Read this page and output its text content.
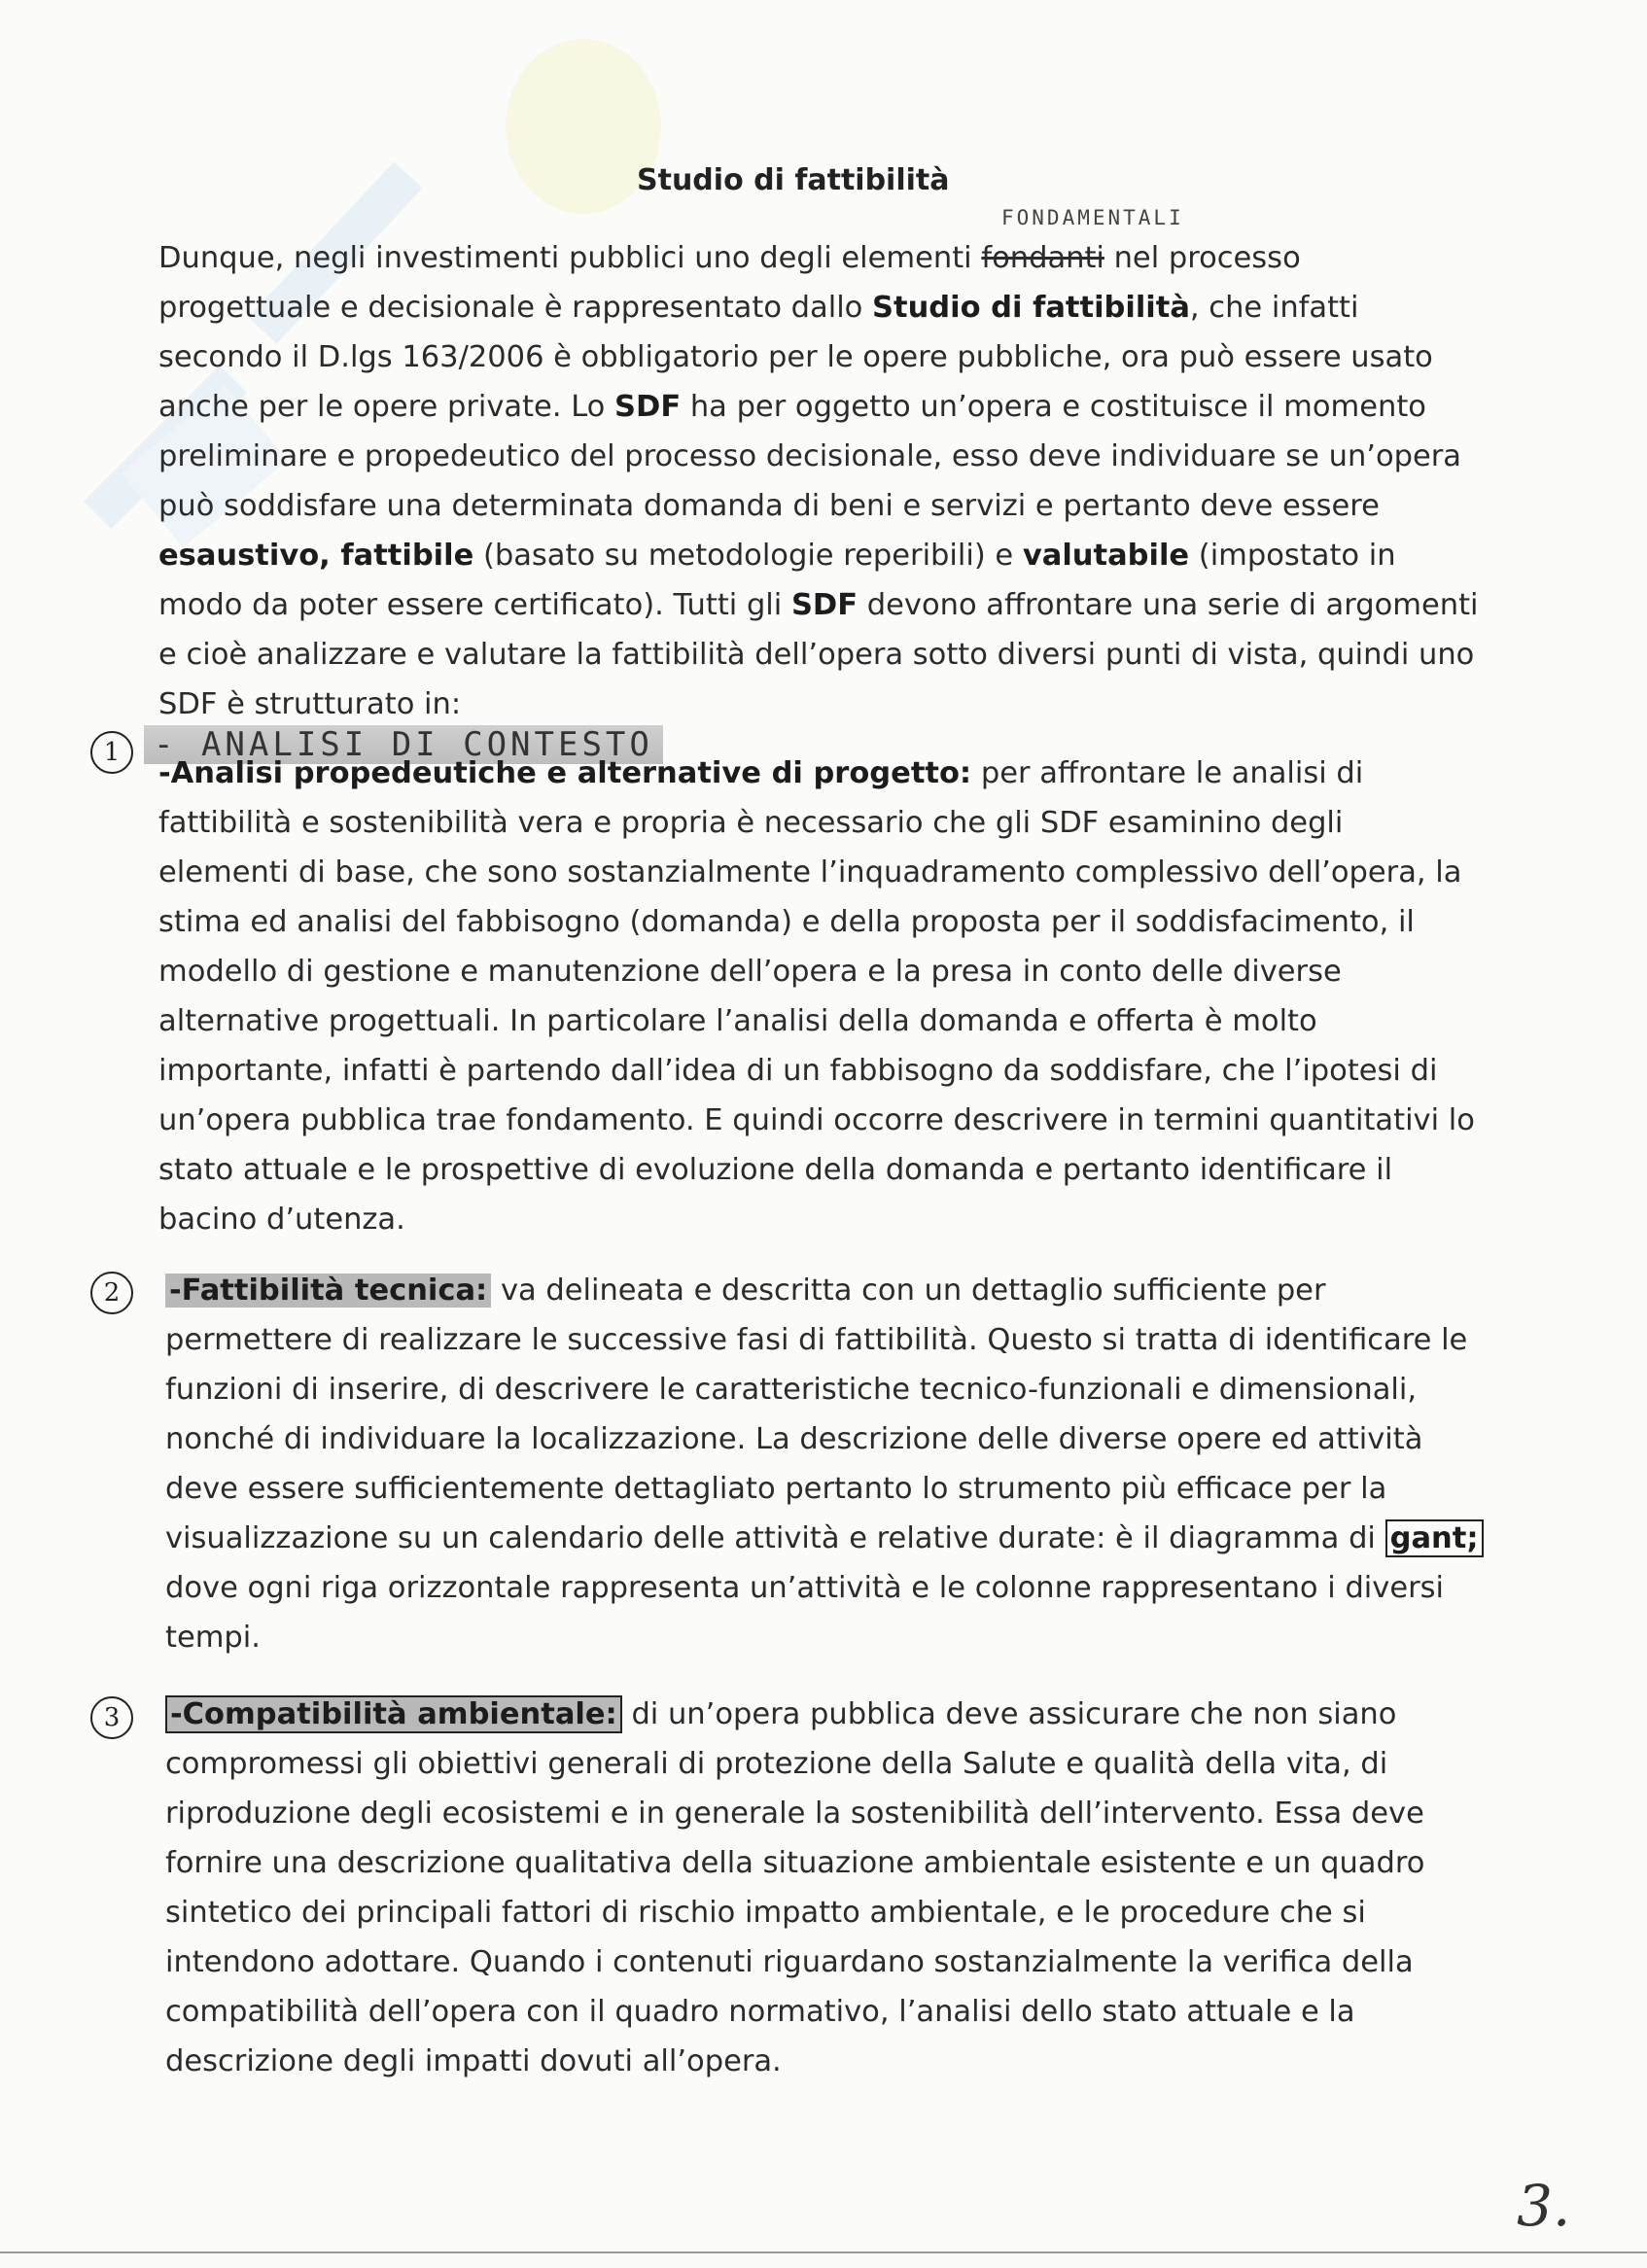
Studio di fattibilità
FONDAMENTALI
Dunque, negli investimenti pubblici uno degli elementi fondanti nel processo progettuale e decisionale è rappresentato dallo Studio di fattibilità, che infatti secondo il D.lgs 163/2006 è obbligatorio per le opere pubbliche, ora può essere usato anche per le opere private. Lo SDF ha per oggetto un’opera e costituisce il momento preliminare e propedeutico del processo decisionale, esso deve individuare se un’opera può soddisfare una determinata domanda di beni e servizi e pertanto deve essere esaustivo, fattibile (basato su metodologie reperibili) e valutabile (impostato in modo da poter essere certificato). Tutti gli SDF devono affrontare una serie di argomenti e cioè analizzare e valutare la fattibilità dell’opera sotto diversi punti di vista, quindi uno SDF è strutturato in:
1	- ANALISI DI CONTESTO
-Analisi propedeutiche e alternative di progetto: per affrontare le analisi di fattibilità e sostenibilità vera e propria è necessario che gli SDF esaminino degli elementi di base, che sono sostanzialmente l’inquadramento complessivo dell’opera, la stima ed analisi del fabbisogno (domanda) e della proposta per il soddisfacimento, il modello di gestione e manutenzione dell’opera e la presa in conto delle diverse alternative progettuali. In particolare l’analisi della domanda e offerta è molto importante, infatti è partendo dall’idea di un fabbisogno da soddisfare, che l’ipotesi di un’opera pubblica trae fondamento. E quindi occorre descrivere in termini quantitativi lo stato attuale e le prospettive di evoluzione della domanda e pertanto identificare il bacino d’utenza.
2	-Fattibilità tecnica: va delineata e descritta con un dettaglio sufficiente per permettere di realizzare le successive fasi di fattibilità. Questo si tratta di identificare le funzioni di inserire, di descrivere le caratteristiche tecnico-funzionali e dimensionali, nonché di individuare la localizzazione. La descrizione delle diverse opere ed attività deve essere sufficientemente dettagliato pertanto lo strumento più efficace per la visualizzazione su un calendario delle attività e relative durate: è il diagramma di gant; dove ogni riga orizzontale rappresenta un’attività e le colonne rappresentano i diversi tempi.
3	-Compatibilità ambientale: di un’opera pubblica deve assicurare che non siano compromessi gli obiettivi generali di protezione della Salute e qualità della vita, di riproduzione degli ecosistemi e in generale la sostenibilità dell’intervento. Essa deve fornire una descrizione qualitativa della situazione ambientale esistente e un quadro sintetico dei principali fattori di rischio impatto ambientale, e le procedure che si intendono adottare. Quando i contenuti riguardano sostanzialmente la verifica della compatibilità dell’opera con il quadro normativo, l’analisi dello stato attuale e la descrizione degli impatti dovuti all’opera.
3.
